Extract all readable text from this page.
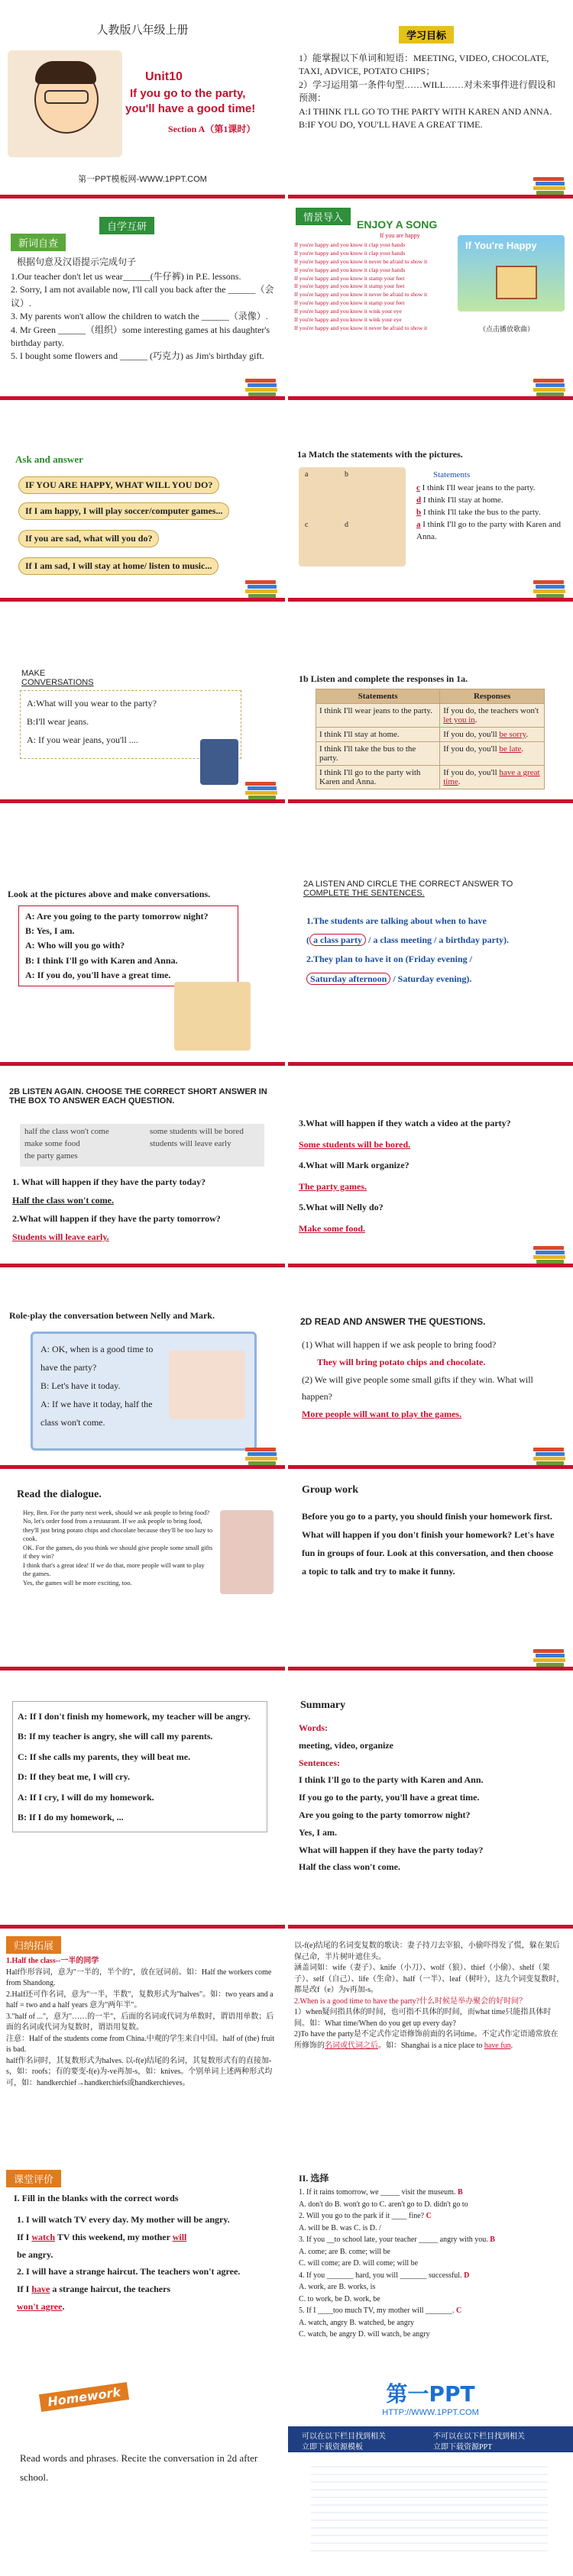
人教版八年级上册
Unit10
If you go to the party,
you'll have a good time!
Section A（第1课时）
第一PPT模板网-WWW.1PPT.COM
学习目标
1）能掌握以下单词和短语：MEETING, VIDEO, CHOCOLATE, TAXI, ADVICE, POTATO CHIPS；
2）学习运用第一条件句型……WILL……对未来事件进行假设和预测：
A:I THINK I'LL GO TO THE PARTY WITH KAREN AND ANNA.
B:IF YOU DO, YOU'LL HAVE A GREAT TIME.
自学互研
新词自查
根据句意及汉语提示完成句子
1.Our teacher don't let us wear______(牛仔裤) in P.E. lessons.
2. Sorry, I am not available now, I'll call you back after the ______（会议）.
3. My parents won't allow the children to watch the ______（录像）.
4. Mr Green ______（组织）some interesting games at his daughter's birthday party.
5. I bought some flowers and ______ (巧克力) as Jim's birthday gift.
情景导入
ENJOY A SONG
If you are happy
If you're happy and you know it clap your hands
If you're happy and you know it clap your hands
If you're happy and you know it never be afraid to show it
If you're happy and you know it clap your hands
If you're happy and you know it stamp your feet
If you're happy and you know it stamp your feet
If you're happy and you know it never be afraid to show it
If you're happy and you know it stamp your feet
If you're happy and you know it wink your eye
If you're happy and you know it wink your eye
If you're happy and you know it never be afraid to show it
If You're Happy
（点击播放歌曲）
Ask and answer
IF YOU ARE HAPPY, WHAT WILL YOU DO?
If I am happy, I will play soccer/computer games...
If you are sad, what will you do?
If I am sad, I will stay at home/ listen to music...
1a Match the statements with the pictures.
a	b
c	d
Statements
c I think I'll wear jeans to the party.
d I think I'll stay at home.
b I think I'll take the bus to the party.
a I think I'll go to the party with Karen and Anna.
MAKE
CONVERSATIONS
A:What will you wear to the party?
B:I'll wear jeans.
A: If you wear jeans, you'll ....
1b Listen and complete the responses in 1a.
Statements	Responses
I think I'll wear jeans to the party.	If you do, the teachers won't let you in.
I think I'll stay at home.	If you do, you'll be sorry.
I think I'll take the bus to the party.	If you do, you'll be late.
I think I'll go to the party with Karen and Anna.	If you do, you'll have a great time.
Look at the pictures above and make conversations.
A: Are you going to the party tomorrow night?
B: Yes, I am.
A: Who will you go with?
B: I think I'll go with Karen and Anna.
A: If you do, you'll have a great time.
2A LISTEN AND CIRCLE THE CORRECT ANSWER TO
COMPLETE THE SENTENCES.
1.The students are talking about when to have
( a class party / a class meeting / a birthday party).
2.They plan to have it on (Friday evening /
Saturday afternoon / Saturday evening).
2B LISTEN AGAIN. CHOOSE THE CORRECT SHORT ANSWER IN THE BOX TO ANSWER EACH QUESTION.
half the class won't come	some students will be bored
make some food	students will leave early
the party games
1. What will happen if they have the party today?
Half the class won't come.
2.What will happen if they have the party tomorrow?
Students will leave early.
3.What will happen if they watch a video at the party?
Some students will be bored.
4.What will Mark organize?
The party games.
5.What will Nelly do?
Make some food.
Role-play the conversation between Nelly and Mark.
A: OK, when is a good time to have the party?
B: Let's have it today.
A: If we have it today, half the class won't come.
2D READ AND ANSWER THE QUESTIONS.
(1) What will happen if we ask people to bring food?
They will bring potato chips and chocolate.
(2) We will give people some small gifts if they win. What will happen?
More people will want to play the games.
Read the dialogue.
Hey, Ben. For the party next week, should we ask people to bring food?
No, let's order food from a restaurant. If we ask people to bring food, they'll just bring potato chips and chocolate because they'll be too lazy to cook.
OK. For the games, do you think we should give people some small gifts if they win?
I think that's a great idea! If we do that, more people will want to play the games.
Yes, the games will be more exciting, too.
Group work
Before you go to a party, you should finish your homework first. What will happen if you don't finish your homework? Let's have fun in groups of four. Look at this conversation, and then choose a topic to talk and try to make it funny.
A: If I don't finish my homework, my teacher will be angry.
B: If my teacher is angry, she will call my parents.
C: If she calls my parents, they will beat me.
D: If they beat me, I will cry.
A: If I cry, I will do my homework.
B: If I do my homework, ...
Summary
Words:
meeting, video, organize
Sentences:
I think I'll go to the party with Karen and Ann.
If you go to the party, you'll have a great time.
Are you going to the party tomorrow night?
Yes, I am.
What will happen if they have the party today?
Half the class won't come.
归纳拓展
1.Half the class--一半的同学
Half作形容词，意为"一半的，半个的"，放在冠词前。如：Half the workers come from Shandong.
2.Half还可作名词，意为"一半，半数"，复数形式为"halves"。如：two years and a half = two and a half years 意为"两年半"。
3."half of ..."，意为"……的一半"，后面的名词或代词为单数时，谓语用单数；后面的名词或代词为复数时，谓语用复数。
注意：Half of the students come from China.中观的学生来自中国。half of (the) fruit is bad.
half作名词时，其复数形式为halves. 以-f(e)结尾的名词，其复数形式有的直接加-s，如：roofs；有的要变-f(e)为-ve再加-s，如：knives。个别单词上述两种形式均可，如：handkerchief→handkerchiefs或handkerchieves。
以-f(e)结尾的名词变复数的歌诀：妻子持刀去宰狼，小偷吓得发了慌，躲在架后保己命，半片树叶遮住头。
涵盖词如：wife（妻子）、knife（小刀）、wolf（狼）、thief（小偷）、shelf（架子）、self（自己）、life（生命）、half（一半）、leaf（树叶），这九个词变复数时，都是改f（e）为v再加-s。
2.When is a good time to have the party?什么时候是举办聚会的好时间？
1）when疑问指具体的时间，也可指不具体的时间，而what time只能指具体时间。如：What time/When do you get up every day?
2)To have the party是不定式作定语修饰前面的名词time。不定式作定语通常放在所修饰的名词或代词之后。如：Shanghai is a nice place to have fun.
课堂评价
I. Fill in the blanks with the correct words
1. I will watch TV every day. My mother will be angry.
If I watch TV this weekend, my mother will
be angry.
2. I will have a strange haircut. The teachers won't agree.
If I have a strange haircut, the teachers
won't agree.
II. 选择
1. If it rains tomorrow, we _____ visit the museum. B
A. don't do B. won't go to C. aren't go to D. didn't go to
2. Will you go to the park if it ____ fine? C
A. will be B. was C. is D. /
3. If you __to school late, your teacher _____ angry with you. B
A. come; are B. come; will be
C. will come; are D. will come; will be
4. If you _______ hard, you will _______ successful. D
A. work, are B. works, is
C. to work, be D. work, be
5. If I ____too much TV, my mother will _______. C
A. watch, angry B. watched, be angry
C. watch, be angry D. will watch, be angry
Homework
Read words and phrases. Recite the conversation in 2d after school.
第一PPT
HTTP://WWW.1PPT.COM
可以在以下栏目找到相关
立即下载资源模板
不可以在以下栏目找到相关
立即下载资源PPT
